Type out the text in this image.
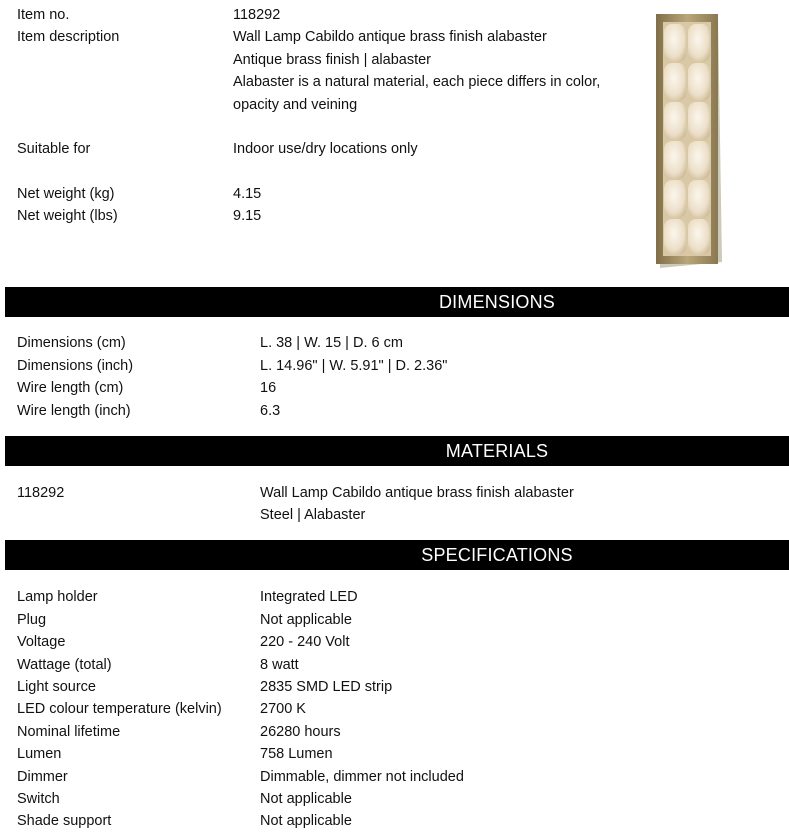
Item no.	118292
Item description	Wall Lamp Cabildo antique brass finish alabaster
Antique brass finish | alabaster
Alabaster is a natural material, each piece differs in color,
opacity and veining
Suitable for	Indoor use/dry locations only
Net weight (kg)	4.15
Net weight (lbs)	9.15
DIMENSIONS
Dimensions (cm)	L. 38 | W. 15 | D. 6 cm
Dimensions (inch)	L. 14.96" | W. 5.91" | D. 2.36"
Wire length (cm)	16
Wire length (inch)	6.3
MATERIALS
118292	Wall Lamp Cabildo antique brass finish alabaster
Steel | Alabaster
SPECIFICATIONS
Lamp holder	Integrated LED
Plug	Not applicable
Voltage	220 - 240 Volt
Wattage (total)	8 watt
Light source	2835 SMD LED strip
LED colour temperature (kelvin)	2700 K
Nominal lifetime	26280 hours
Lumen	758 Lumen
Dimmer	Dimmable, dimmer not included
Switch	Not applicable
Shade support	Not applicable
